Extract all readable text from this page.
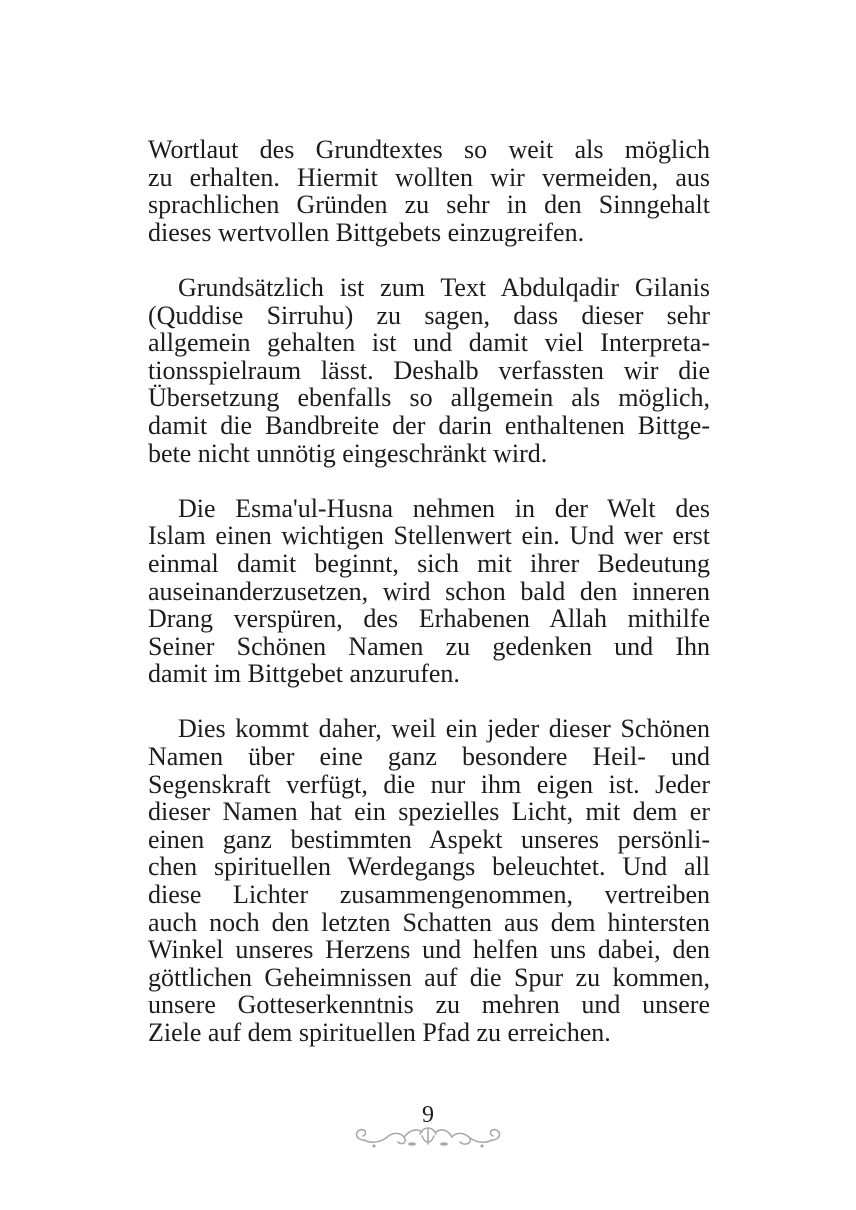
Wortlaut des Grundtextes so weit als möglich
zu erhalten. Hiermit wollten wir vermeiden, aus
sprachlichen Gründen zu sehr in den Sinngehalt
dieses wertvollen Bittgebets einzugreifen.

Grundsätzlich ist zum Text Abdulqadir Gilanis
(Quddise Sirruhu) zu sagen, dass dieser sehr
allgemein gehalten ist und damit viel Interpreta-
tionsspielraum lässt. Deshalb verfassten wir die
Übersetzung ebenfalls so allgemein als möglich,
damit die Bandbreite der darin enthaltenen Bittge-
bete nicht unnötig eingeschränkt wird.

Die Esma'ul-Husna nehmen in der Welt des
Islam einen wichtigen Stellenwert ein. Und wer erst
einmal damit beginnt, sich mit ihrer Bedeutung
auseinanderzusetzen, wird schon bald den inneren
Drang verspüren, des Erhabenen Allah mithilfe
Seiner Schönen Namen zu gedenken und Ihn
damit im Bittgebet anzurufen.

Dies kommt daher, weil ein jeder dieser Schönen
Namen über eine ganz besondere Heil- und
Segenskraft verfügt, die nur ihm eigen ist. Jeder
dieser Namen hat ein spezielles Licht, mit dem er
einen ganz bestimmten Aspekt unseres persönli-
chen spirituellen Werdegangs beleuchtet. Und all
diese Lichter zusammengenommen, vertreiben
auch noch den letzten Schatten aus dem hintersten
Winkel unseres Herzens und helfen uns dabei, den
göttlichen Geheimnissen auf die Spur zu kommen,
unsere Gotteserkenntnis zu mehren und unsere
Ziele auf dem spirituellen Pfad zu erreichen.

9
